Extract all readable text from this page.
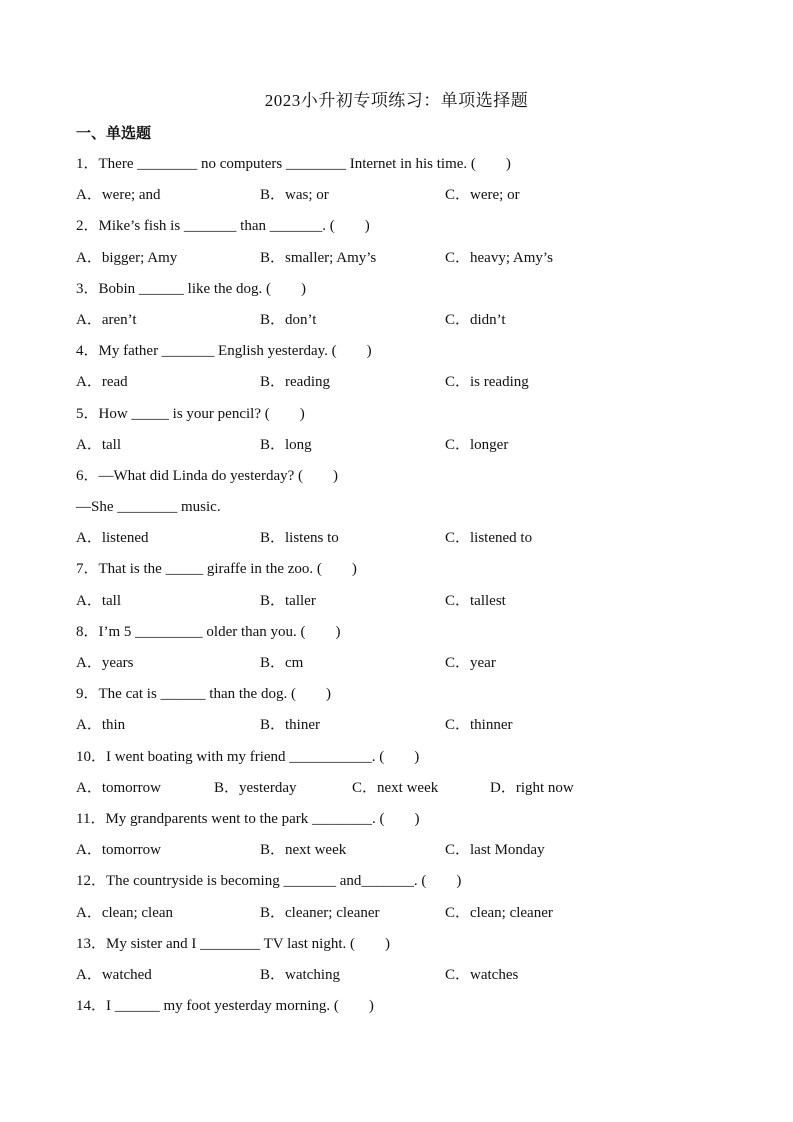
2023小升初专项练习：单项选择题
一、单选题
1．There ________ no computers ________ Internet in his time. (　　)
A．were; and	B．was; or	C．were; or
2．Mike’s fish is _______ than _______. (　　)
A．bigger; Amy	B．smaller; Amy’s	C．heavy; Amy’s
3．Bobin ______ like the dog. (　　)
A．aren’t	B．don’t	C．didn’t
4．My father _______ English yesterday. (　　)
A．read	B．reading	C．is reading
5．How _____ is your pencil? (　　)
A．tall	B．long	C．longer
6．—What did Linda do yesterday? (　　)
—She ________ music.
A．listened	B．listens to	C．listened to
7．That is the _____ giraffe in the zoo. (　　)
A．tall	B．taller	C．tallest
8．I’m 5 _________ older than you. (　　)
A．years	B．cm	C．year
9．The cat is ______ than the dog. (　　)
A．thin	B．thiner	C．thinner
10．I went boating with my friend ___________. (　　)
A．tomorrow	B．yesterday	C．next week	D．right now
11．My grandparents went to the park ________. (　　)
A．tomorrow	B．next week	C．last Monday
12．The countryside is becoming _______ and_______. (　　)
A．clean; clean	B．cleaner; cleaner	C．clean; cleaner
13．My sister and I ________ TV last night. (　　)
A．watched	B．watching	C．watches
14．I ______ my foot yesterday morning. (　　)
